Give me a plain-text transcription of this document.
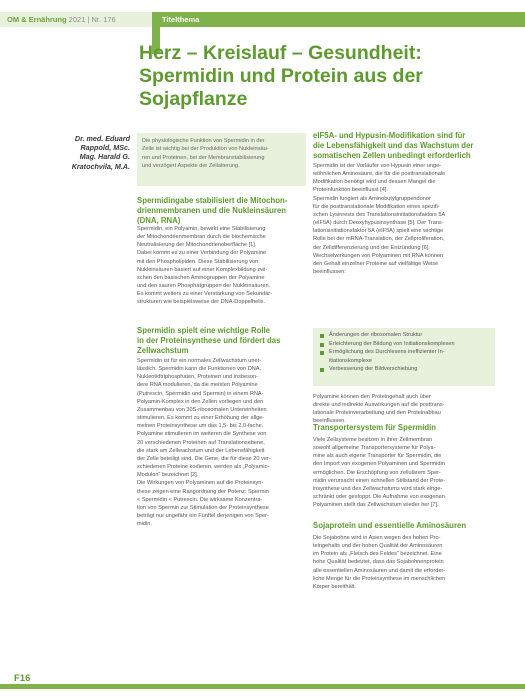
OM & Ernährung 2021 | Nr. 176	Titelthema
Herz – Kreislauf – Gesundheit:
Spermidin und Protein aus der
Sojapflanze
Dr. med. Eduard
Rappold, MSc.
Mag. Harald G.
Kratochvila, M.A.
Die physiologische Funktion von Spermidin in der
Zelle ist wichtig bei der Produktion von Nukleinsäu-
ren und Proteinen, bei der Membranstabilisierung
und verzögert Aspekte der Zellalterung.
Spermidingabe stabilisiert die Mitochon-
drienmembranen und die Nukleinsäuren
(DNA, RNA)
Spermidin, ein Polyamin, bewirkt eine Stabilisierung
der Mitochondrienmembran durch die biochemische
Neutralisierung der Mitochondrienoberfläche [1].
Dabei kommt es zu einer Verbindung der Polyamine
mit den Phospholipiden. Diese Stabilisierung von
Nukleinsäuren basiert auf einer Komplexbildung zwi-
schen den basischen Aminogruppen der Polyamine
und den sauren Phosphatgruppen der Nukleinsäuren.
Es kommt weiters zu einer Verstärkung von Sekundär-
strukturen wie beispielsweise der DNA-Doppelhelix.
Spermidin spielt eine wichtige Rolle
in der Proteinsynthese und fördert das
Zellwachstum
Spermidin ist für ein normales Zellwachstum uner-
lässlich. Spermidin kann die Funktionen von DNA,
Nukleotidtriphosphaten, Proteinen und insbeson-
dere RNA modulieren, da die meisten Polyamine
(Putrescin, Spermidin und Spermin) in einem RNA-
Polyamin-Komplex in den Zellen vorliegen und den
Zusammenbau von 30S-ribosomalen Untereinheiten
stimulieren. Es kommt zu einer Erhöhung der allge-
meinen Proteinsynthese um das 1,5- bis 2,0-fache.
Polyamine stimulieren im weiteren die Synthese von
20 verschiedenen Proteinen auf Translationsebene,
die stark am Zellwachstum und der Lebensfähigkeit
der Zelle beteiligt sind. Die Gene, die für diese 20 ver-
schiedenen Proteine kodieren, werden als „Polyamin-
Modulon“ bezeichnet [2].
Die Wirkungen von Polyaminen auf die Proteinsyn-
these zeigen eine Rangordnung der Potenz: Spermin
< Spermidin < Putrescin. Die wirksame Konzentra-
tion von Spermin zur Stimulation der Proteinsynthese
beträgt nur ungefähr ein Fünftel derjenigen von Sper-
midin.
eIF5A- und Hypusin-Modifikation sind für
die Lebensfähigkeit und das Wachstum der
somatischen Zellen unbedingt erforderlich
Spermidin ist der Vorläufer von Hypusin einer unge-
wöhnlichen Aminosäure, die für die posttranslationale
Modifikation benötigt wird und dessen Mangel die
Proteinfunktion beeinflusst [4].
Spermidin fungiert als Aminobutylgruppendonor
für die posttranslationale Modifikation eines spezifi-
schen Lysinrests des Translationsinitiationsfaktors 5A
(eIF5A) durch Deoxyhypusinsynthase [5]. Der Trans-
lationsinitiationsfaktor 5A (eIF5A) spielt eine wichtige
Rolle bei der mRNA-Translation, der Zellproliferation,
der Zelldifferenzierung und der Entzündung [6].
Wechselwirkungen von Polyaminen mit RNA können
den Gehalt einzelner Proteine auf vielfältige Weise
beeinflussen:
Änderungen der ribosomalen Struktur
Erleichterung der Bildung von Initiationskomplexen
Ermöglichung des Durchlesens ineffizienter In-
itiationskomplexe
Verbesserung der Bildverschiebung
Polyamine können den Proteingehalt auch über
direkte und indirekte Auswirkungen auf die posttrans-
lationale Proteinverarbeitung und den Proteinabbau
beeinflussen.
Transportersystem für Spermidin
Viele Zellsysteme besitzen in ihrer Zellmembran
sowohl allgemeine Transportersysteme für Polya-
mine als auch eigene Transporter für Spermidin, die
den Import von exogenen Polyaminen und Spermidin
ermöglichen. Die Erschöpfung von zellulärem Sper-
midin verursacht einen schnellen Stillstand der Prote-
insynthese und des Zellwachstums wird stark einge-
schränkt oder gestoppt. Die Aufnahme von exogenen
Polyaminen stellt das Zellwachstum wieder her [7].
Sojaprotein und essentielle Aminosäuren
Die Sojabohne wird in Asien wegen des hohen Pro-
teingehalts und der hohen Qualität der Aminosäuren
im Protein als „Fleisch des Feldes“ bezeichnet. Eine
hohe Qualität bedeutet, dass das Sojabohnenprotein
alle essentiellen Aminosäuren und damit die erforder-
liche Menge für die Proteinsynthese im menschlichen
Körper bereithält.
F16
